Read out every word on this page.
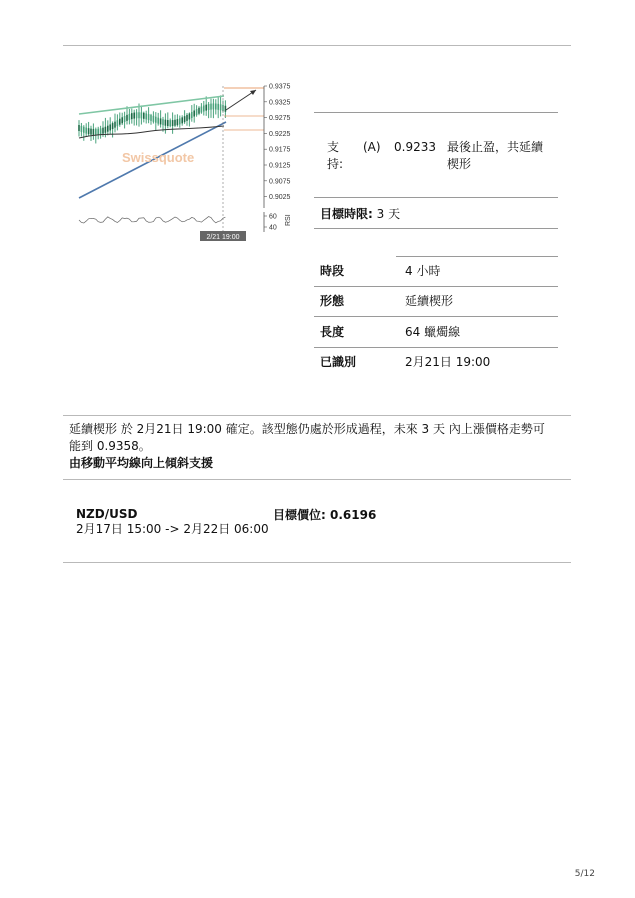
0.9375
0.9325
0.9275
0.9225
0.9175
0.9125
0.9075
0.9025
60
40
Swissquote
2/21 19:00
RSI
支持:
(A) 0.9233 最後止盈，共延續楔形
目標時限: 3 天
時段	4 小時
形態	延續楔形
長度	64 蠟燭線
已識別	2月21日 19:00
延續楔形 於 2月21日 19:00 確定。該型態仍處於形成過程，未來 3 天 內上漲價格走勢可
能到 0.9358。
由移動平均線向上傾斜支援
NZD/USD
2月17日 15:00 -> 2月22日 06:00
目標價位: 0.6196
5/12
